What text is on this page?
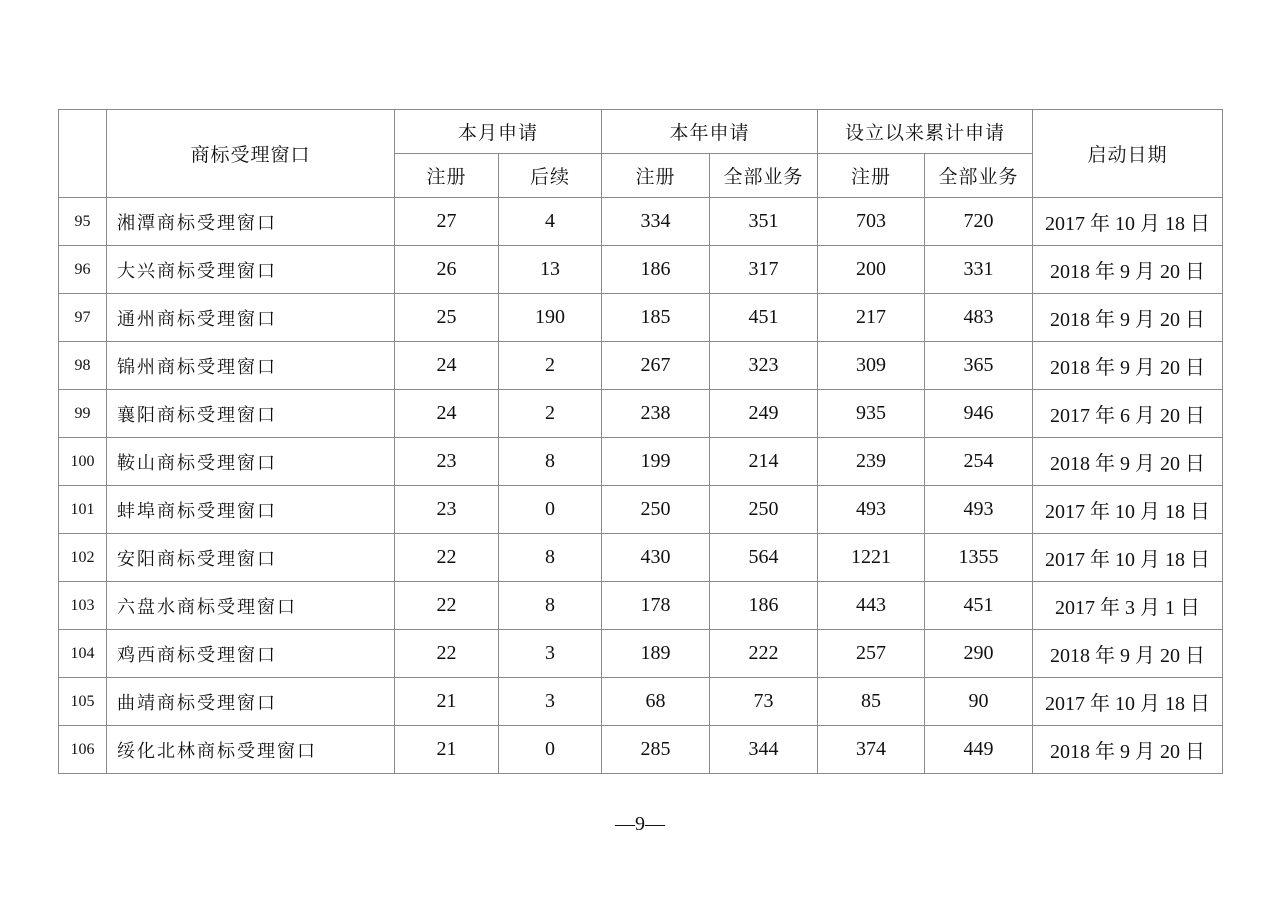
	商标受理窗口	本月申请		本年申请		设立以来累计申请		启动日期
		注册	后续	注册	全部业务	注册	全部业务	
95	湘潭商标受理窗口	27	4	334	351	703	720	2017 年 10 月 18 日
96	大兴商标受理窗口	26	13	186	317	200	331	2018 年 9 月 20 日
97	通州商标受理窗口	25	190	185	451	217	483	2018 年 9 月 20 日
98	锦州商标受理窗口	24	2	267	323	309	365	2018 年 9 月 20 日
99	襄阳商标受理窗口	24	2	238	249	935	946	2017 年 6 月 20 日
100	鞍山商标受理窗口	23	8	199	214	239	254	2018 年 9 月 20 日
101	蚌埠商标受理窗口	23	0	250	250	493	493	2017 年 10 月 18 日
102	安阳商标受理窗口	22	8	430	564	1221	1355	2017 年 10 月 18 日
103	六盘水商标受理窗口	22	8	178	186	443	451	2017 年 3 月 1 日
104	鸡西商标受理窗口	22	3	189	222	257	290	2018 年 9 月 20 日
105	曲靖商标受理窗口	21	3	68	73	85	90	2017 年 10 月 18 日
106	绥化北林商标受理窗口	21	0	285	344	374	449	2018 年 9 月 20 日
—9—
